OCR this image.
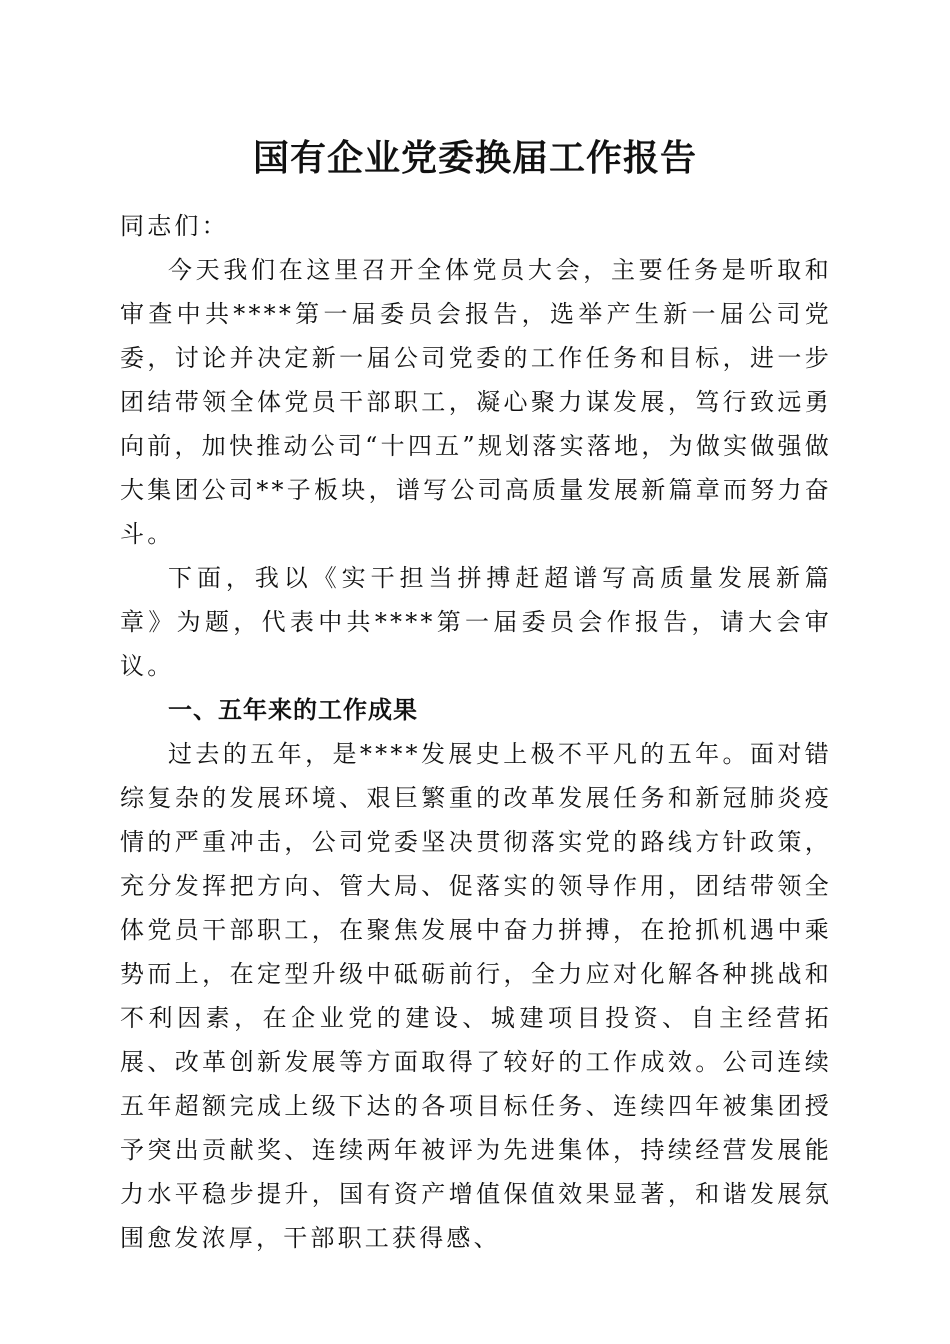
国有企业党委换届工作报告

同志们：

今天我们在这里召开全体党员大会，主要任务是听取和审查中共****第一届委员会报告，选举产生新一届公司党委，讨论并决定新一届公司党委的工作任务和目标，进一步团结带领全体党员干部职工，凝心聚力谋发展，笃行致远勇向前，加快推动公司“十四五”规划落实落地，为做实做强做大集团公司**子板块，谱写公司高质量发展新篇章而努力奋斗。

下面，我以《实干担当拼搏赶超谱写高质量发展新篇章》为题，代表中共****第一届委员会作报告，请大会审议。

一、五年来的工作成果

过去的五年，是****发展史上极不平凡的五年。面对错综复杂的发展环境、艰巨繁重的改革发展任务和新冠肺炎疫情的严重冲击，公司党委坚决贯彻落实党的路线方针政策，充分发挥把方向、管大局、促落实的领导作用，团结带领全体党员干部职工，在聚焦发展中奋力拼搏，在抢抓机遇中乘势而上，在定型升级中砥砺前行，全力应对化解各种挑战和不利因素，在企业党的建设、城建项目投资、自主经营拓展、改革创新发展等方面取得了较好的工作成效。公司连续五年超额完成上级下达的各项目标任务、连续四年被集团授予突出贡献奖、连续两年被评为先进集体，持续经营发展能力水平稳步提升，国有资产增值保值效果显著，和谐发展氛围愈发浓厚，干部职工获得感、
